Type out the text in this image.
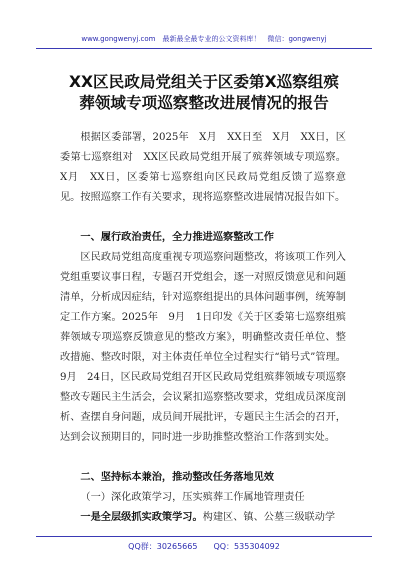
www.gongwenyj.com　最新最全最专业的公文资料库！　微信：gongwenyj
XX区民政局党组关于区委第X巡察组殡
葬领域专项巡察整改进展情况的报告

根据区委部署，2025年　X月　XX日至　X月　XX日，区委第七巡察组对　XX区民政局党组开展了殡葬领域专项巡察。X月　XX日，区委第七巡察组向区民政局党组反馈了巡察意见。按照巡察工作有关要求，现将巡察整改进展情况报告如下。

一、履行政治责任，全力推进巡察整改工作

区民政局党组高度重视专项巡察问题整改，将该项工作列入党组重要议事日程，专题召开党组会，逐一对照反馈意见和问题清单，分析成因症结，针对巡察组提出的具体问题事例，统筹制定工作方案。2025年　9月　1日印发《关于区委第七巡察组殡葬领域专项巡察反馈意见的整改方案》，明确整改责任单位、整改措施、整改时限，对主体责任单位全过程实行“销号式”管理。9月　24日，区民政局党组召开区民政局党组殡葬领域专项巡察整改专题民主生活会，会议紧扣巡察整改要求，党组成员深度剖析、查摆自身问题，成员间开展批评，专题民主生活会的召开，达到会议预期目的，同时进一步助推整改整治工作落到实处。

二、坚持标本兼治，推动整改任务落地见效
（一）深化政策学习，压实殡葬工作属地管理责任
一是全层级抓实政策学习。构建区、镇、公墓三级联动学
QQ群：30265665　　QQ：535304092
